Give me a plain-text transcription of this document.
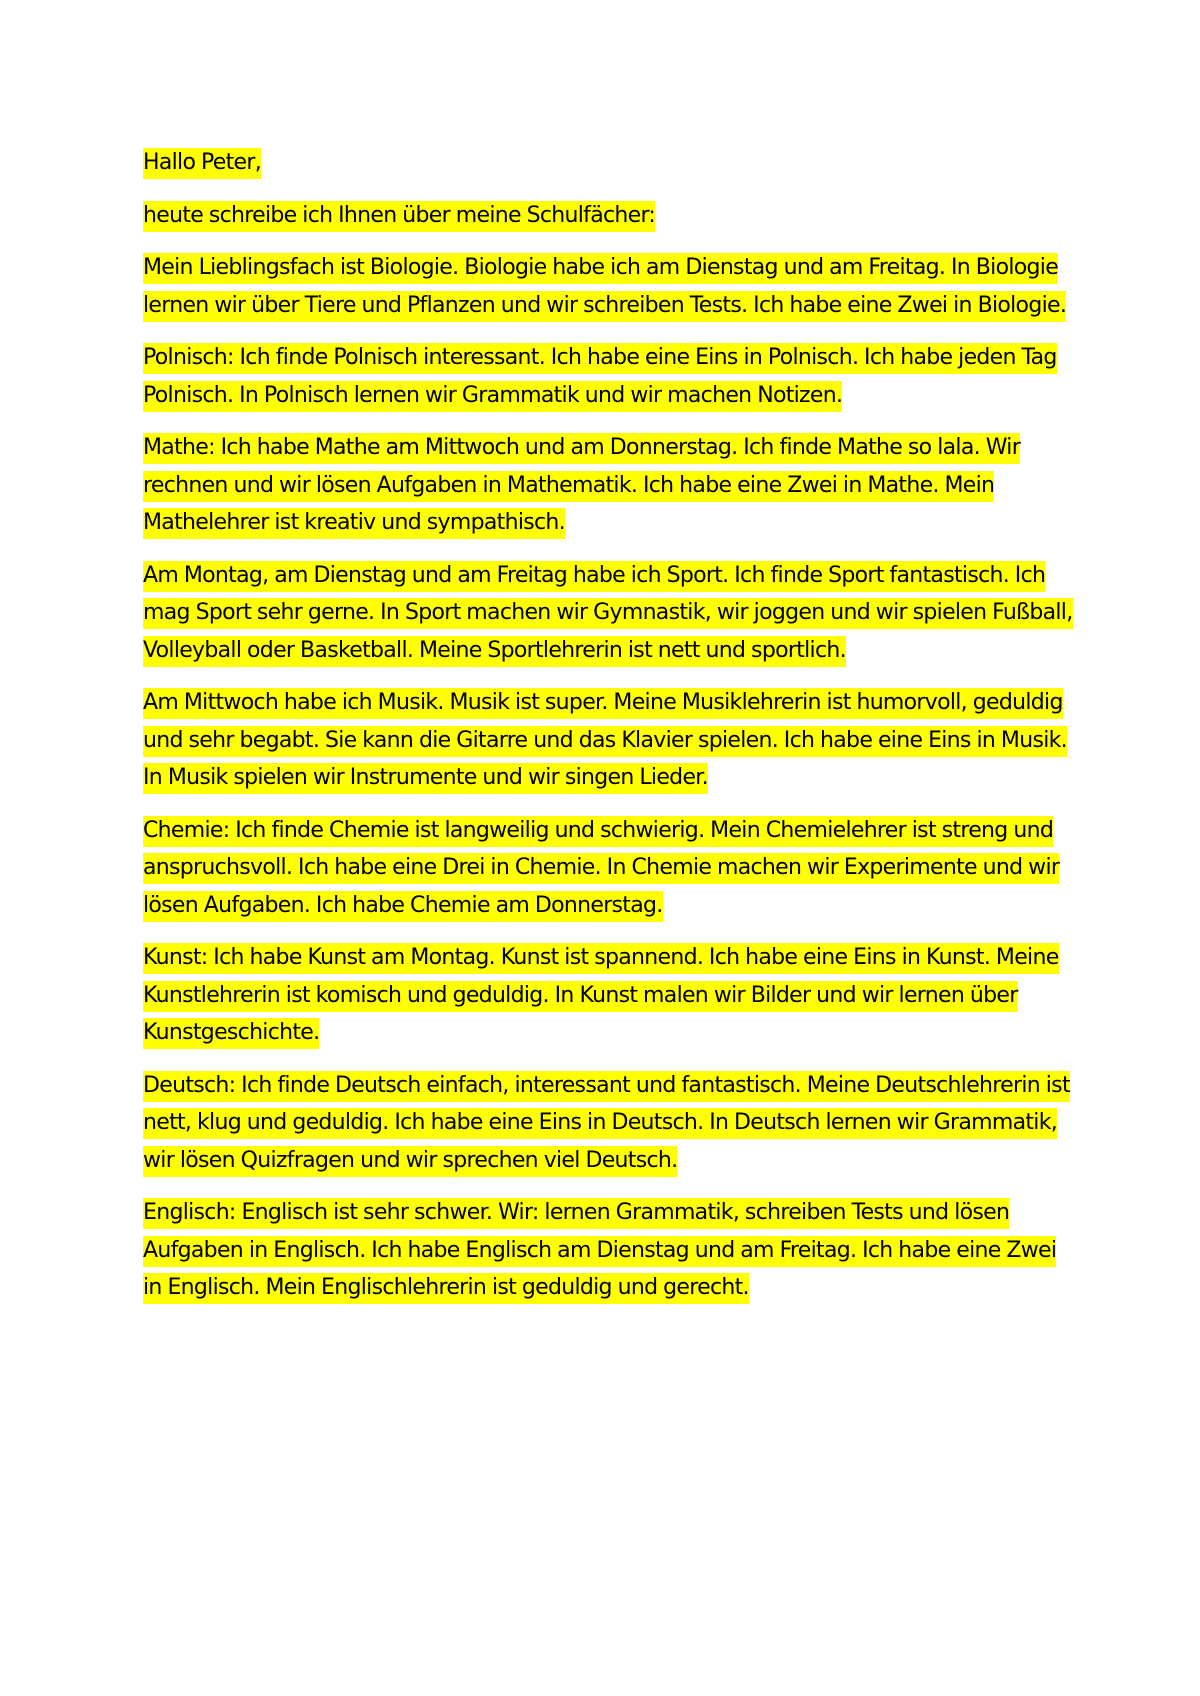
Hallo Peter,

heute schreibe ich Ihnen über meine Schulfächer:

Mein Lieblingsfach ist Biologie. Biologie habe ich am Dienstag und am Freitag. In Biologie lernen wir über Tiere und Pflanzen und wir schreiben Tests. Ich habe eine Zwei in Biologie.

Polnisch: Ich finde Polnisch interessant. Ich habe eine Eins in Polnisch. Ich habe jeden Tag Polnisch. In Polnisch lernen wir Grammatik und wir machen Notizen.

Mathe: Ich habe Mathe am Mittwoch und am Donnerstag. Ich finde Mathe so lala. Wir rechnen und wir lösen Aufgaben in Mathematik. Ich habe eine Zwei in Mathe. Mein Mathelehrer ist kreativ und sympathisch.

Am Montag, am Dienstag und am Freitag habe ich Sport. Ich finde Sport fantastisch. Ich mag Sport sehr gerne. In Sport machen wir Gymnastik, wir joggen und wir spielen Fußball, Volleyball oder Basketball. Meine Sportlehrerin ist nett und sportlich.

Am Mittwoch habe ich Musik. Musik ist super. Meine Musiklehrerin ist humorvoll, geduldig und sehr begabt. Sie kann die Gitarre und das Klavier spielen. Ich habe eine Eins in Musik. In Musik spielen wir Instrumente und wir singen Lieder.

Chemie: Ich finde Chemie ist langweilig und schwierig. Mein Chemielehrer ist streng und anspruchsvoll. Ich habe eine Drei in Chemie. In Chemie machen wir Experimente und wir lösen Aufgaben. Ich habe Chemie am Donnerstag.

Kunst: Ich habe Kunst am Montag. Kunst ist spannend. Ich habe eine Eins in Kunst. Meine Kunstlehrerin ist komisch und geduldig. In Kunst malen wir Bilder und wir lernen über Kunstgeschichte.

Deutsch: Ich finde Deutsch einfach, interessant und fantastisch. Meine Deutschlehrerin ist nett, klug und geduldig. Ich habe eine Eins in Deutsch. In Deutsch lernen wir Grammatik, wir lösen Quizfragen und wir sprechen viel Deutsch.

Englisch: Englisch ist sehr schwer. Wir: lernen Grammatik, schreiben Tests und lösen Aufgaben in Englisch. Ich habe Englisch am Dienstag und am Freitag. Ich habe eine Zwei in Englisch. Mein Englischlehrerin ist geduldig und gerecht.
